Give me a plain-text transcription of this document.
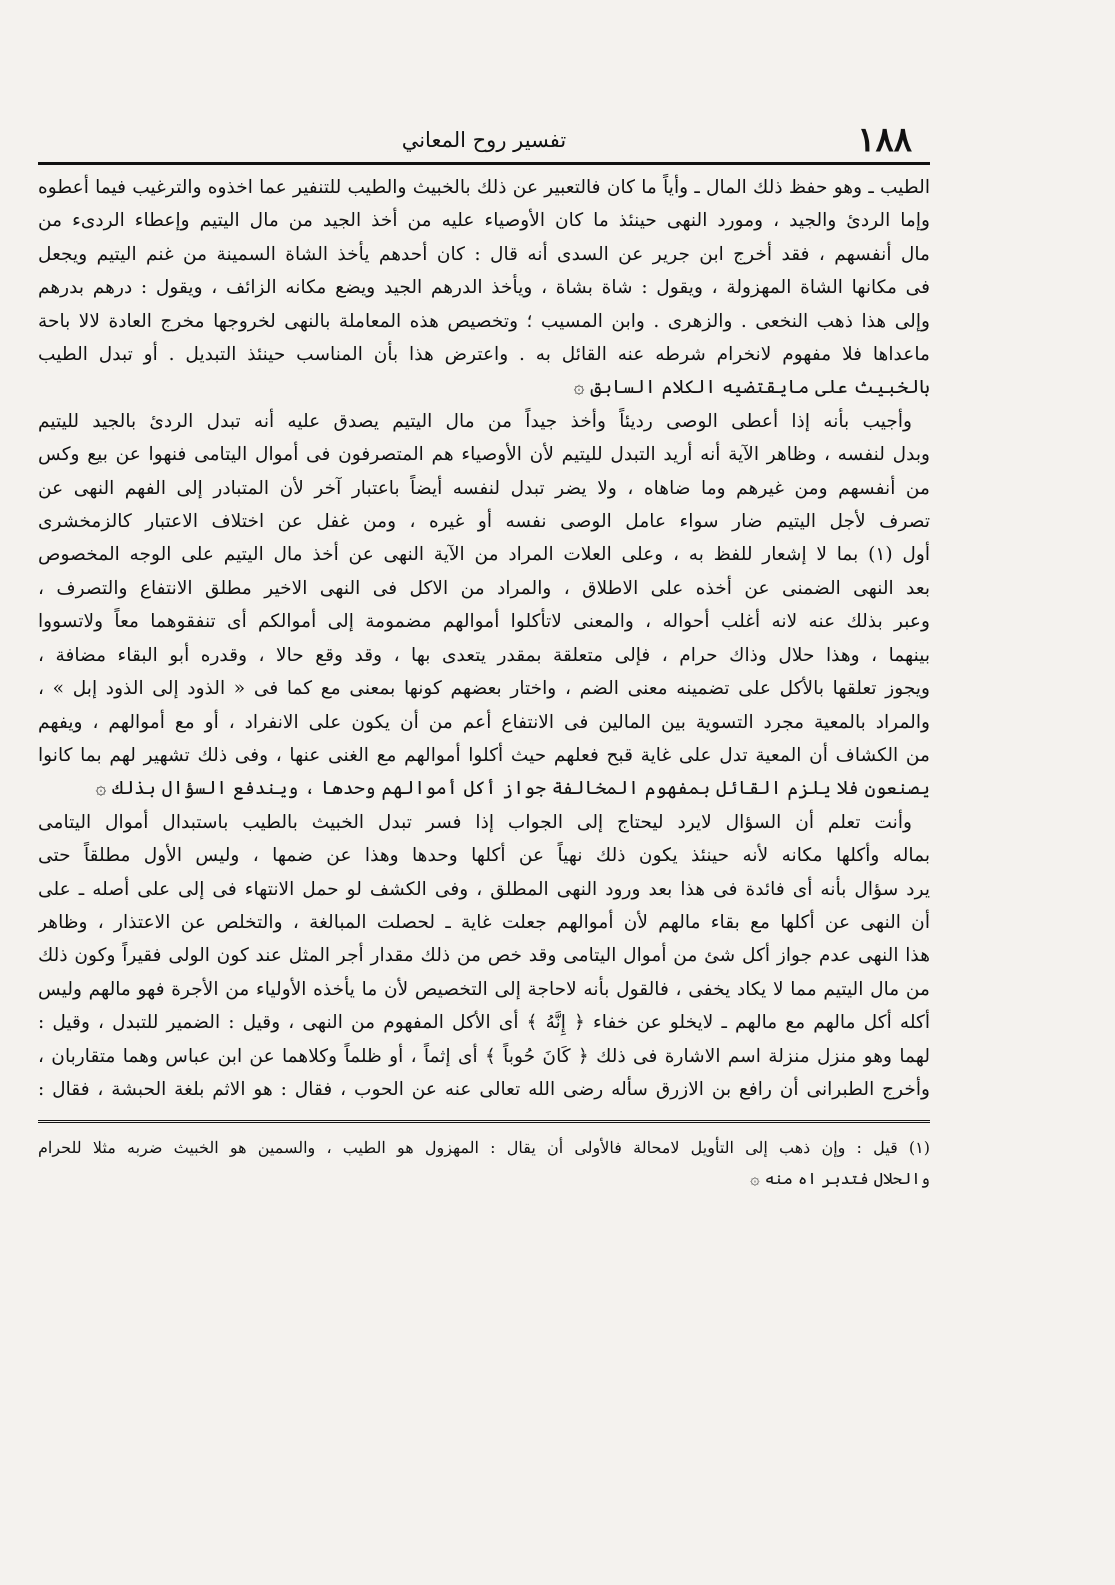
١٨٨
تفسير روح المعاني
الطيب ـ وهو حفظ ذلك المال ـ وأياً ما كان فالتعبير عن ذلك بالخبيث والطيب للتنفير عما اخذوه والترغيب فيما أعطوه
وإما الردئ والجيد ، ومورد النهى حينئذ ما كان الأوصياء عليه من أخذ الجيد من مال اليتيم وإعطاء الردىء من
مال أنفسهم ، فقد أخرج ابن جرير عن السدى أنه قال : كان أحدهم يأخذ الشاة السمينة من غنم اليتيم ويجعل
فى مكانها الشاة المهزولة ، ويقول : شاة بشاة ، ويأخذ الدرهم الجيد ويضع مكانه الزائف ، ويقول : درهم بدرهم
وإلى هذا ذهب النخعى . والزهرى . وابن المسيب ؛ وتخصيص هذه المعاملة بالنهى لخروجها مخرج العادة لالا باحة
ماعداها فلا مفهوم لانخرام شرطه عنه القائل به . واعترض هذا بأن المناسب حينئذ التبديل . أو تبدل الطيب
بالخبيث على مايقتضيه الكلام السابق ۞
وأجيب بأنه إذا أعطى الوصى رديئاً وأخذ جيداً من مال اليتيم يصدق عليه أنه تبدل الردئ بالجيد لليتيم
وبدل لنفسه ، وظاهر الآية أنه أريد التبدل لليتيم لأن الأوصياء هم المتصرفون فى أموال اليتامى فنهوا عن بيع وكس
من أنفسهم ومن غيرهم وما ضاهاه ، ولا يضر تبدل لنفسه أيضاً باعتبار آخر لأن المتبادر إلى الفهم النهى عن
تصرف لأجل اليتيم ضار سواء عامل الوصى نفسه أو غيره ، ومن غفل عن اختلاف الاعتبار كالزمخشرى
أول (١) بما لا إشعار للفظ به ، وعلى العلات المراد من الآية النهى عن أخذ مال اليتيم على الوجه المخصوص
بعد النهى الضمنى عن أخذه على الاطلاق ، والمراد من الاكل فى النهى الاخير مطلق الانتفاع والتصرف ،
وعبر بذلك عنه لانه أغلب أحواله ، والمعنى لاتأكلوا أموالهم مضمومة إلى أموالكم أى تنفقوهما معاً ولاتسووا
بينهما ، وهذا حلال وذاك حرام ، فإلى متعلقة بمقدر يتعدى بها ، وقد وقع حالا ، وقدره أبو البقاء مضافة ،
ويجوز تعلقها بالأكل على تضمينه معنى الضم ، واختار بعضهم كونها بمعنى مع كما فى « الذود إلى الذود إبل » ،
والمراد بالمعية مجرد التسوية بين المالين فى الانتفاع أعم من أن يكون على الانفراد ، أو مع أموالهم ، ويفهم
من الكشاف أن المعية تدل على غاية قبح فعلهم حيث أكلوا أموالهم مع الغنى عنها ، وفى ذلك تشهير لهم بما كانوا
يصنعون فلا يلزم القائل بمفهوم المخالفة جواز أكل أموالهم وحدها ، ويندفع السؤال بذلك ۞
وأنت تعلم أن السؤال لايرد ليحتاج إلى الجواب إذا فسر تبدل الخبيث بالطيب باستبدال أموال اليتامى
بماله وأكلها مكانه لأنه حينئذ يكون ذلك نهياً عن أكلها وحدها وهذا عن ضمها ، وليس الأول مطلقاً حتى
يرد سؤال بأنه أى فائدة فى هذا بعد ورود النهى المطلق ، وفى الكشف لو حمل الانتهاء فى إلى على أصله ـ على
أن النهى عن أكلها مع بقاء مالهم لأن أموالهم جعلت غاية ـ لحصلت المبالغة ، والتخلص عن الاعتذار ، وظاهر
هذا النهى عدم جواز أكل شئ من أموال اليتامى وقد خص من ذلك مقدار أجر المثل عند كون الولى فقيراً وكون ذلك
من مال اليتيم مما لا يكاد يخفى ، فالقول بأنه لاحاجة إلى التخصيص لأن ما يأخذه الأولياء من الأجرة فهو مالهم وليس
أكله أكل مالهم مع مالهم ـ لايخلو عن خفاء ﴿ إِنَّهُ ﴾ أى الأكل المفهوم من النهى ، وقيل : الضمير للتبدل ، وقيل :
لهما وهو منزل منزلة اسم الاشارة فى ذلك ﴿ كَانَ حُوباً ﴾ أى إثماً ، أو ظلماً وكلاهما عن ابن عباس وهما متقاربان ،
وأخرج الطبرانى أن رافع بن الازرق سأله رضى الله تعالى عنه عن الحوب ، فقال : هو الاثم بلغة الحبشة ، فقال :
(١) قيل : وإن ذهب إلى التأويل لامحالة فالأولى أن يقال : المهزول هو الطيب ، والسمين هو الخبيث ضربه مثلا للحرام
والحلال فتدبر اه منه ۞
